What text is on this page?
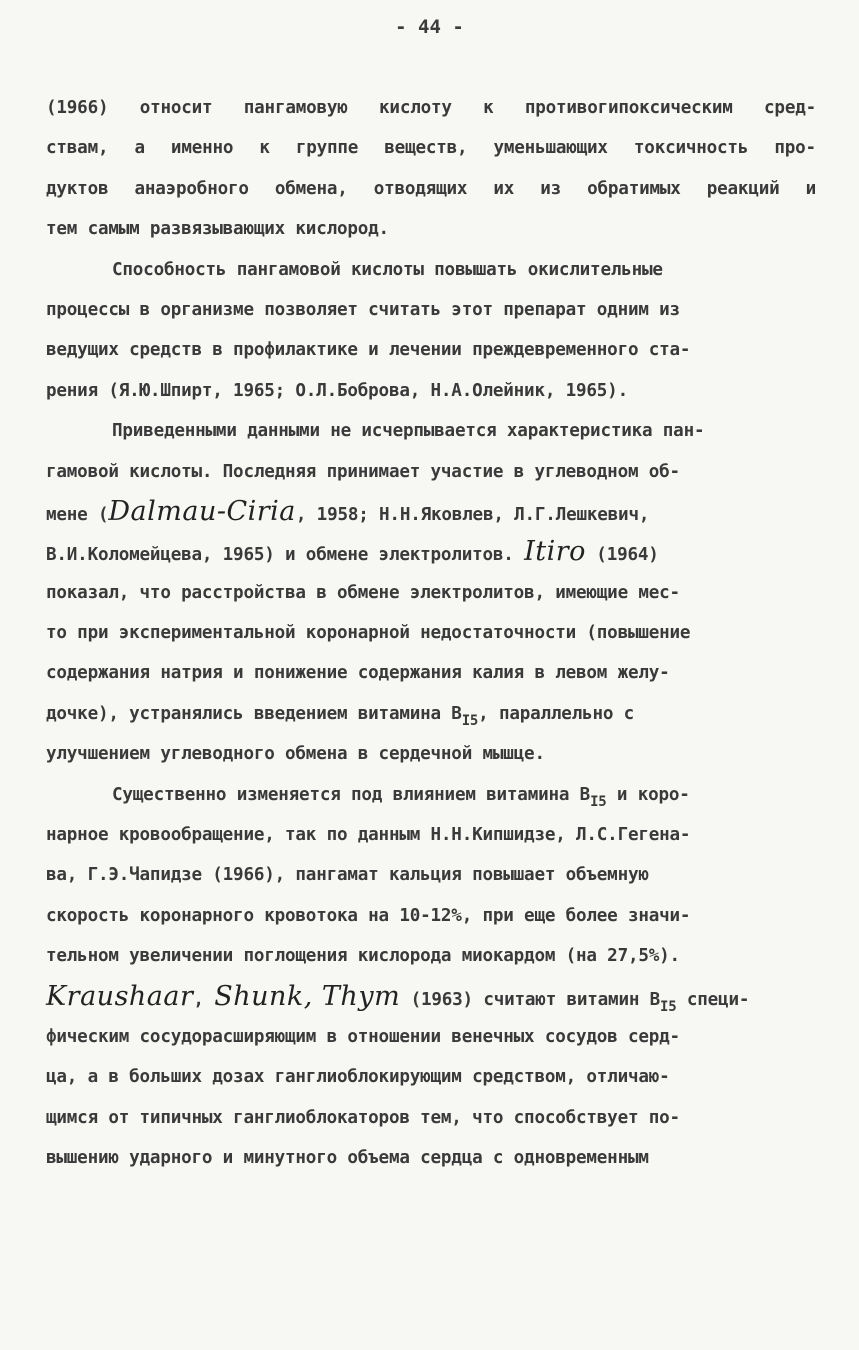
- 44 -
(1966) относит пангамовую кислоту к противогипоксическим сред-
ствам, а именно к группе веществ, уменьшающих токсичность про-
дуктов анаэробного обмена, отводящих их из обратимых реакций и
тем самым развязывающих кислород.
Способность пангамовой кислоты повышать окислительные
процессы в организме позволяет считать этот препарат одним из
ведущих средств в профилактике и лечении преждевременного ста-
рения (Я.Ю.Шпирт, 1965; О.Л.Боброва, Н.А.Олейник, 1965).
Приведенными данными не исчерпывается характеристика пан-
гамовой кислоты. Последняя принимает участие в углеводном об-
мене (Dalmau-Ciria, 1958; Н.Н.Яковлев, Л.Г.Лешкевич,
В.И.Коломейцева, 1965) и обмене электролитов. Itiro (1964)
показал, что расстройства в обмене электролитов, имеющие мес-
то при экспериментальной коронарной недостаточности (повышение
содержания натрия и понижение содержания калия в левом желу-
дочке), устранялись введением витамина $B_{I5}$, параллельно с
улучшением углеводного обмена в сердечной мышце.
Существенно изменяется под влиянием витамина $B_{I5}$ и коро-
нарное кровообращение, так по данным Н.Н.Кипшидзе, Л.С.Гегена-
ва, Г.Э.Чапидзе (1966), пангамат кальция повышает объемную
скорость коронарного кровотока на 10-12%, при еще более значи-
тельном увеличении поглощения кислорода миокардом (на 27,5%).
Kraushaar, Shunk, Thym (1963) считают витамин $B_{I5}$ специ-
фическим сосудорасширяющим в отношении венечных сосудов серд-
ца, а в больших дозах ганглиоблокирующим средством, отличаю-
щимся от типичных ганглиоблокаторов тем, что способствует по-
вышению ударного и минутного объема сердца с одновременным
